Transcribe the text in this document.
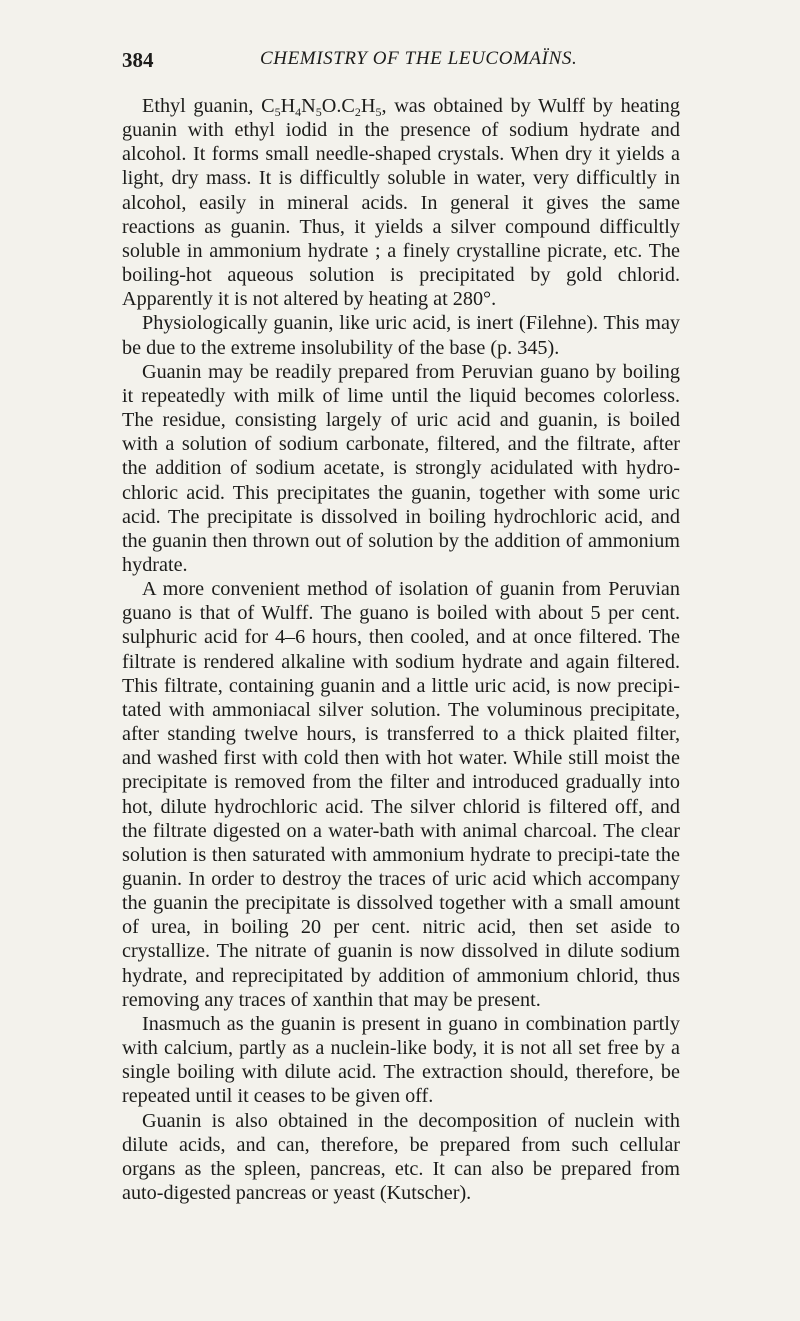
384	CHEMISTRY OF THE LEUCOMAÏNS.

Ethyl guanin, $C_5H_4N_5O.C_2H_5$, was obtained by Wulff by heating guanin with ethyl iodid in the presence of sodium hydrate and alcohol. It forms small needle-shaped crystals. When dry it yields a light, dry mass. It is difficultly soluble in water, very difficultly in alcohol, easily in mineral acids. In general it gives the same reactions as guanin. Thus, it yields a silver compound difficultly soluble in ammonium hydrate ; a finely crystalline picrate, etc. The boiling-hot aqueous solution is precipitated by gold chlorid. Apparently it is not altered by heating at 280°.

Physiologically guanin, like uric acid, is inert (Filehne). This may be due to the extreme insolubility of the base (p. 345).

Guanin may be readily prepared from Peruvian guano by boiling it repeatedly with milk of lime until the liquid becomes colorless. The residue, consisting largely of uric acid and guanin, is boiled with a solution of sodium carbonate, filtered, and the filtrate, after the addition of sodium acetate, is strongly acidulated with hydro-chloric acid. This precipitates the guanin, together with some uric acid. The precipitate is dissolved in boiling hydrochloric acid, and the guanin then thrown out of solution by the addition of ammonium hydrate.

A more convenient method of isolation of guanin from Peruvian guano is that of Wulff. The guano is boiled with about 5 per cent. sulphuric acid for 4–6 hours, then cooled, and at once filtered. The filtrate is rendered alkaline with sodium hydrate and again filtered. This filtrate, containing guanin and a little uric acid, is now precipi-tated with ammoniacal silver solution. The voluminous precipitate, after standing twelve hours, is transferred to a thick plaited filter, and washed first with cold then with hot water. While still moist the precipitate is removed from the filter and introduced gradually into hot, dilute hydrochloric acid. The silver chlorid is filtered off, and the filtrate digested on a water-bath with animal charcoal. The clear solution is then saturated with ammonium hydrate to precipi-tate the guanin. In order to destroy the traces of uric acid which accompany the guanin the precipitate is dissolved together with a small amount of urea, in boiling 20 per cent. nitric acid, then set aside to crystallize. The nitrate of guanin is now dissolved in dilute sodium hydrate, and reprecipitated by addition of ammonium chlorid, thus removing any traces of xanthin that may be present.

Inasmuch as the guanin is present in guano in combination partly with calcium, partly as a nuclein-like body, it is not all set free by a single boiling with dilute acid. The extraction should, therefore, be repeated until it ceases to be given off.

Guanin is also obtained in the decomposition of nuclein with dilute acids, and can, therefore, be prepared from such cellular organs as the spleen, pancreas, etc. It can also be prepared from auto-digested pancreas or yeast (Kutscher).
